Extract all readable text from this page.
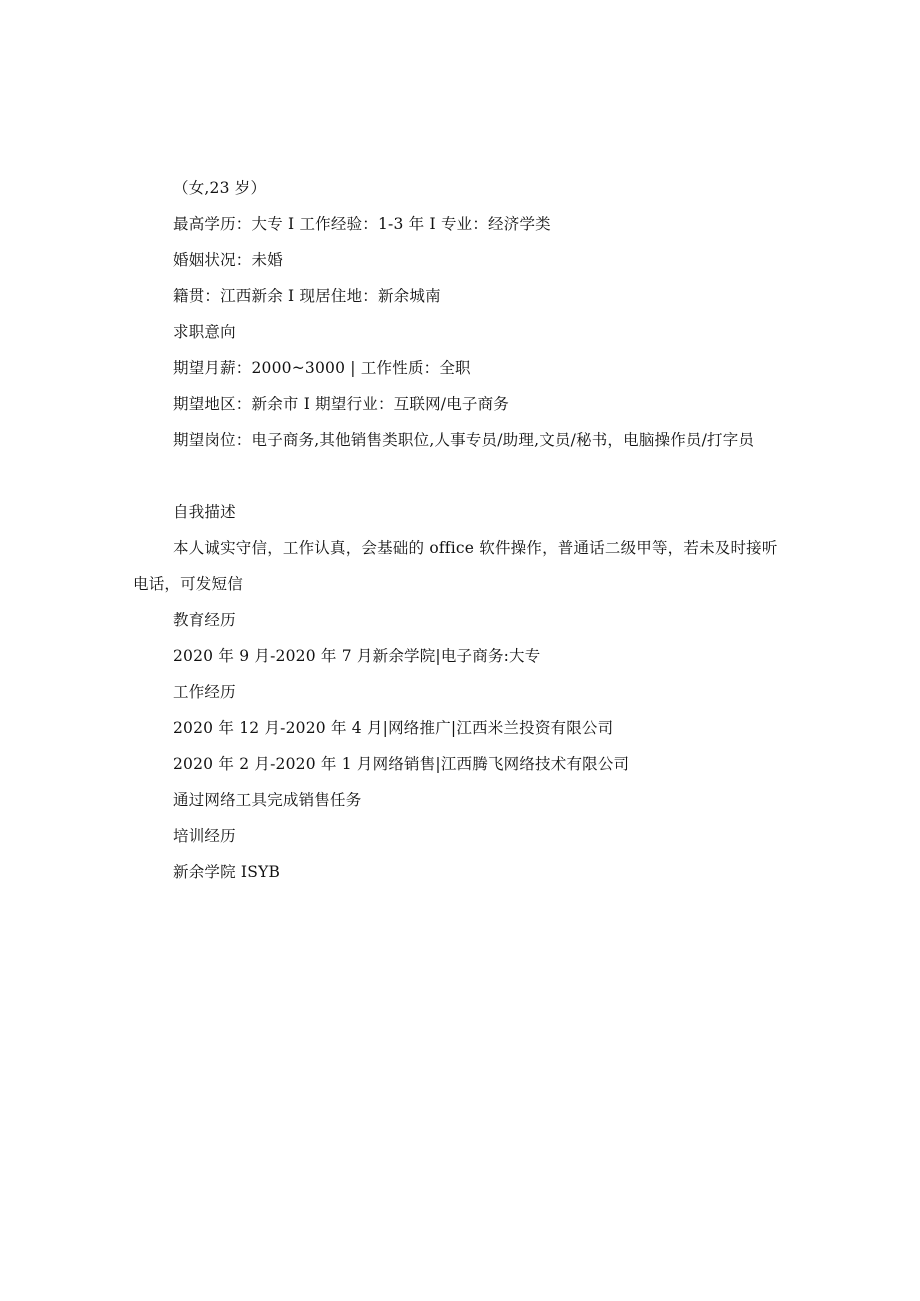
（女,23 岁）
最高学历：大专 I 工作经验：1-3 年 I 专业：经济学类
婚姻状况：未婚
籍贯：江西新余 I 现居住地：新余城南
求职意向
期望月薪：2000~3000 | 工作性质：全职
期望地区：新余市 I 期望行业：互联网/电子商务
期望岗位：电子商务,其他销售类职位,人事专员/助理,文员/秘书，电脑操作员/打字员
自我描述
本人诚实守信，工作认真，会基础的 office 软件操作，普通话二级甲等，若未及时接听电话，可发短信
教育经历
2020 年 9 月-2020 年 7 月新余学院|电子商务:大专
工作经历
2020 年 12 月-2020 年 4 月|网络推广|江西米兰投资有限公司
2020 年 2 月-2020 年 1 月网络销售|江西腾飞网络技术有限公司
通过网络工具完成销售任务
培训经历
新余学院 ISYB
